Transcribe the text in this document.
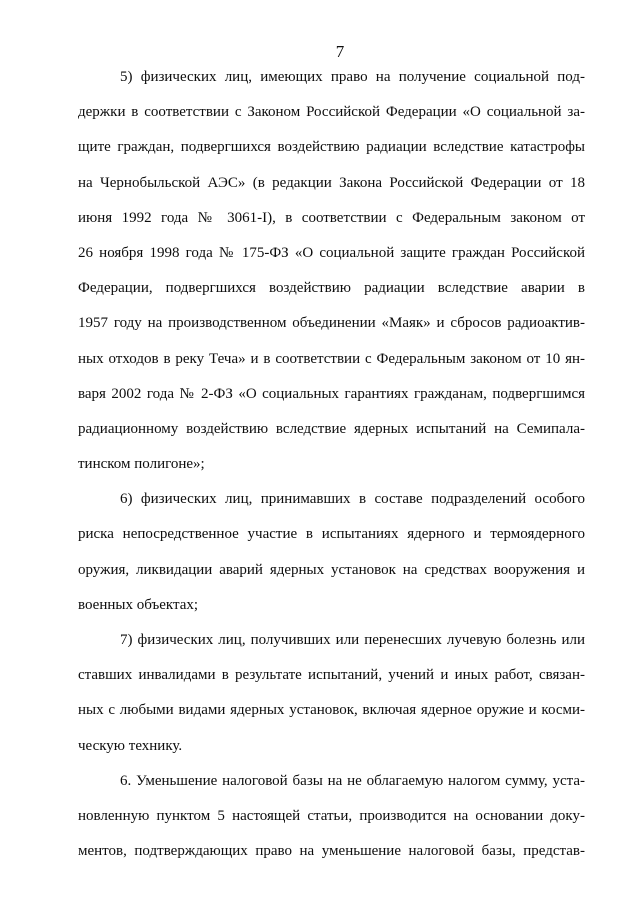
7
5) физических лиц, имеющих право на получение социальной под-
держки в соответствии с Законом Российской Федерации «О социальной за-
щите граждан, подвергшихся воздействию радиации вследствие катастрофы
на Чернобыльской АЭС» (в редакции Закона Российской Федерации от 18
июня 1992 года № 3061-I), в соответствии с Федеральным законом от
26 ноября 1998 года № 175-ФЗ «О социальной защите граждан Российской
Федерации, подвергшихся воздействию радиации вследствие аварии в
1957 году на производственном объединении «Маяк» и сбросов радиоактив-
ных отходов в реку Теча» и в соответствии с Федеральным законом от 10 ян-
варя 2002 года № 2-ФЗ «О социальных гарантиях гражданам, подвергшимся
радиационному воздействию вследствие ядерных испытаний на Семипала-
тинском полигоне»;
6) физических лиц, принимавших в составе подразделений особого
риска непосредственное участие в испытаниях ядерного и термоядерного
оружия, ликвидации аварий ядерных установок на средствах вооружения и
военных объектах;
7) физических лиц, получивших или перенесших лучевую болезнь или
ставших инвалидами в результате испытаний, учений и иных работ, связан-
ных с любыми видами ядерных установок, включая ядерное оружие и косми-
ческую технику.
6. Уменьшение налоговой базы на не облагаемую налогом сумму, уста-
новленную пунктом 5 настоящей статьи, производится на основании доку-
ментов, подтверждающих право на уменьшение налоговой базы, представ-
